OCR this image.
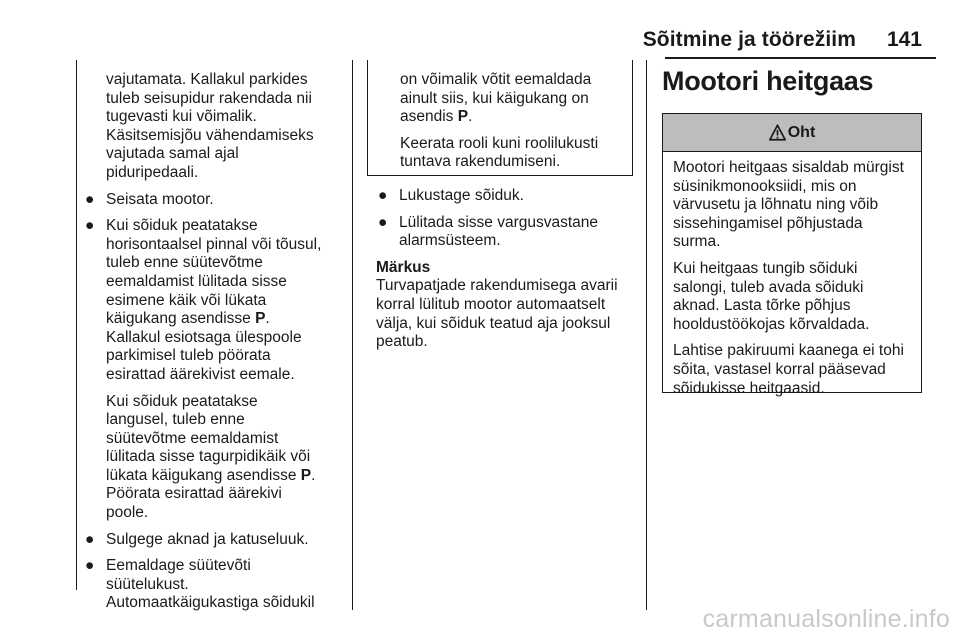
Sõitmine ja töörežiim 141
vajutamata. Kallakul parkides
tuleb seisupidur rakendada nii
tugevasti kui võimalik.
Käsitsemisjõu vähendamiseks
vajutada samal ajal
piduripedaali.
● Seisata mootor.
● Kui sõiduk peatatakse
horisontaalsel pinnal või tõusul,
tuleb enne süütevõtme
eemaldamist lülitada sisse
esimene käik või lükata
käigukang asendisse P.
Kallakul esiotsaga ülespoole
parkimisel tuleb pöörata
esirattad äärekivist eemale.
Kui sõiduk peatatakse
langusel, tuleb enne
süütevõtme eemaldamist
lülitada sisse tagurpidikäik või
lükata käigukang asendisse P.
Pöörata esirattad äärekivi
poole.
● Sulgege aknad ja katuseluuk.
● Eemaldage süütevõti
süütelukust.
Automaatkäigukastiga sõidukil

on võimalik võtit eemaldada
ainult siis, kui käigukang on
asendis P.

Keerata rooli kuni roolilukusti
tuntava rakendumiseni.

● Lukustage sõiduk.
● Lülitada sisse vargusvastane
alarmsüsteem.
Märkus
Turvapatjade rakendumisega avarii
korral lülitub mootor automaatselt
välja, kui sõiduk teatud aja jooksul
peatub.
Mootori heitgaas
Oht

Mootori heitgaas sisaldab mürgist
süsinikmonooksiidi, mis on
värvusetu ja lõhnatu ning võib
sissehingamisel põhjustada
surma.

Kui heitgaas tungib sõiduki
salongi, tuleb avada sõiduki
aknad. Lasta tõrke põhjus
hooldustöökojas kõrvaldada.

Lahtise pakiruumi kaanega ei tohi
sõita, vastasel korral pääsevad
sõidukisse heitgaasid.

carmanualsonline.info
